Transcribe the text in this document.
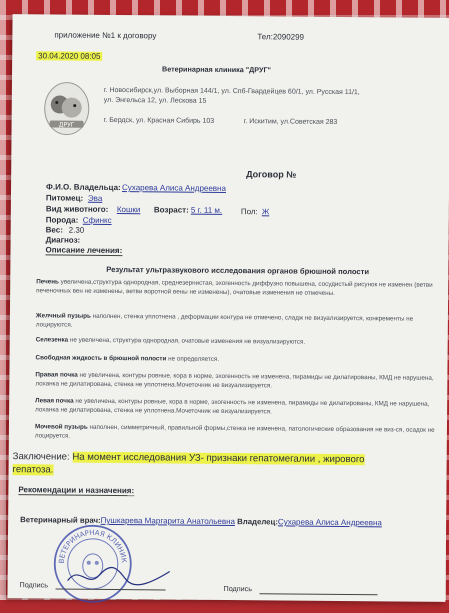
приложение №1 к договору	Тел:2090299
30.04.2020 08:05
Ветеринарная клиника "ДРУГ"
ДРУГ
г. Новосибирск,ул. Выборная 144/1, ул. Спб-Гвардейцев 60/1, ул. Русская 11/1,
ул. Энгельса 12, ул. Лескова 15
г. Бердск, ул. Красная Сибирь 103	г. Искитим, ул.Советская 283
Договор №
Ф.И.О. Владельца: Сухарева Алиса Андреевна
Питомец: Эва
Вид животного: Кошки Возраст: 5 г. 11 м. Пол: Ж
Порода: Сфинкс
Вес: 2.30
Диагноз:
Описание лечения:
Результат ультразвукового исследования органов брюшной полости
Печень увеличена,структура однородная, среднезернистая, эхогенность диффузно повышена, сосудистый рисунок не изменен (ветви печеночных вен не изменены, ветви воротной вены не изменены), очатовые изменения не отмечены.
Желчный пузырь наполнен, стенка уплотнена , деформации контура не отмечено, сладж не визуализируется, конкременты не лоцируются.
Селезенка не увеличена, структура однородная, очатовые изменения не визуализируются.
Свободная жидкость в брюшной полости не определяется.
Правая почка не увеличена, контуры ровные, кора в норме, эхогенность не изменена, пирамиды не дилатированы, КМД не нарушена, лоханка не дилатирована, стенка не уплотнена.Мочеточник не визуализируется.
Левая почка не увеличена, контуры ровные, кора в норме, эхогенность не изменена, пирамиды не дилатированы, КМД не нарушена, лоханка не дилатирована, стенка не уплотнена.Мочеточник не визуализируется.
Мочевой пузырь наполнен, симметричный, правильной формы,стенка не изменена, патологические образования не виз-ся, осадок не лоцируется.
Заключение: На момент исследования УЗ- признаки гепатомегалии , жирового
гепатоза.
Рекомендации и назначения:
Ветеринарный врач:Пушкарева Маргарита Анатольевна Владелец:Сухарева Алиса Андреевна
ВЕТЕРИНАРНАЯ КЛИНИКА
Подпись	Подпись
